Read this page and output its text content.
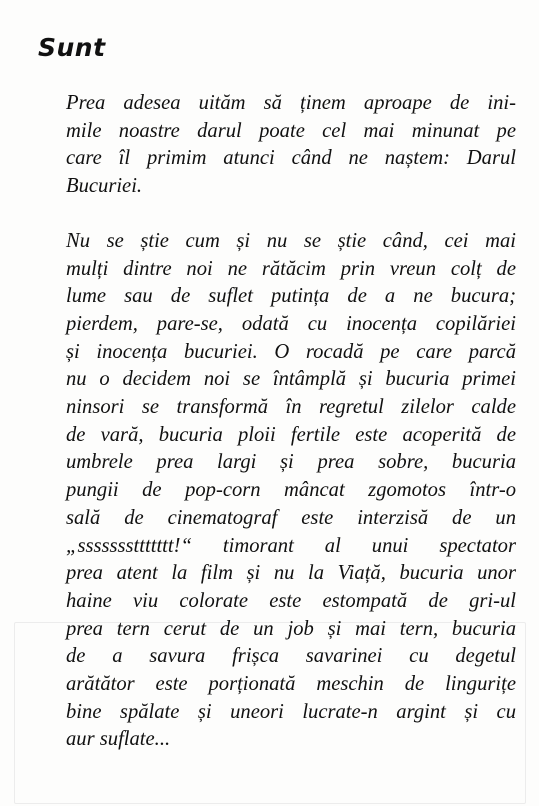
Sunt

Prea adesea uităm să ținem aproape de ini-
mile noastre darul poate cel mai minunat pe
care îl primim atunci când ne naștem: Darul
Bucuriei.

Nu se știe cum și nu se știe când, cei mai
mulți dintre noi ne rătăcim prin vreun colț de
lume sau de suflet putința de a ne bucura;
pierdem, pare-se, odată cu inocența copilăriei
și inocența bucuriei. O rocadă pe care parcă
nu o decidem noi se întâmplă și bucuria primei
ninsori se transformă în regretul zilelor calde
de vară, bucuria ploii fertile este acoperită de
umbrele prea largi și prea sobre, bucuria
pungii de pop-corn mâncat zgomotos într-o
sală de cinematograf este interzisă de un
„sssssssttttttt!“ timorant al unui spectator
prea atent la film și nu la Viață, bucuria unor
haine viu colorate este estompată de gri-ul
prea tern cerut de un job și mai tern, bucuria
de a savura frișca savarinei cu degetul
arătător este porționată meschin de lingurițe
bine spălate și uneori lucrate-n argint și cu
aur suflate...
